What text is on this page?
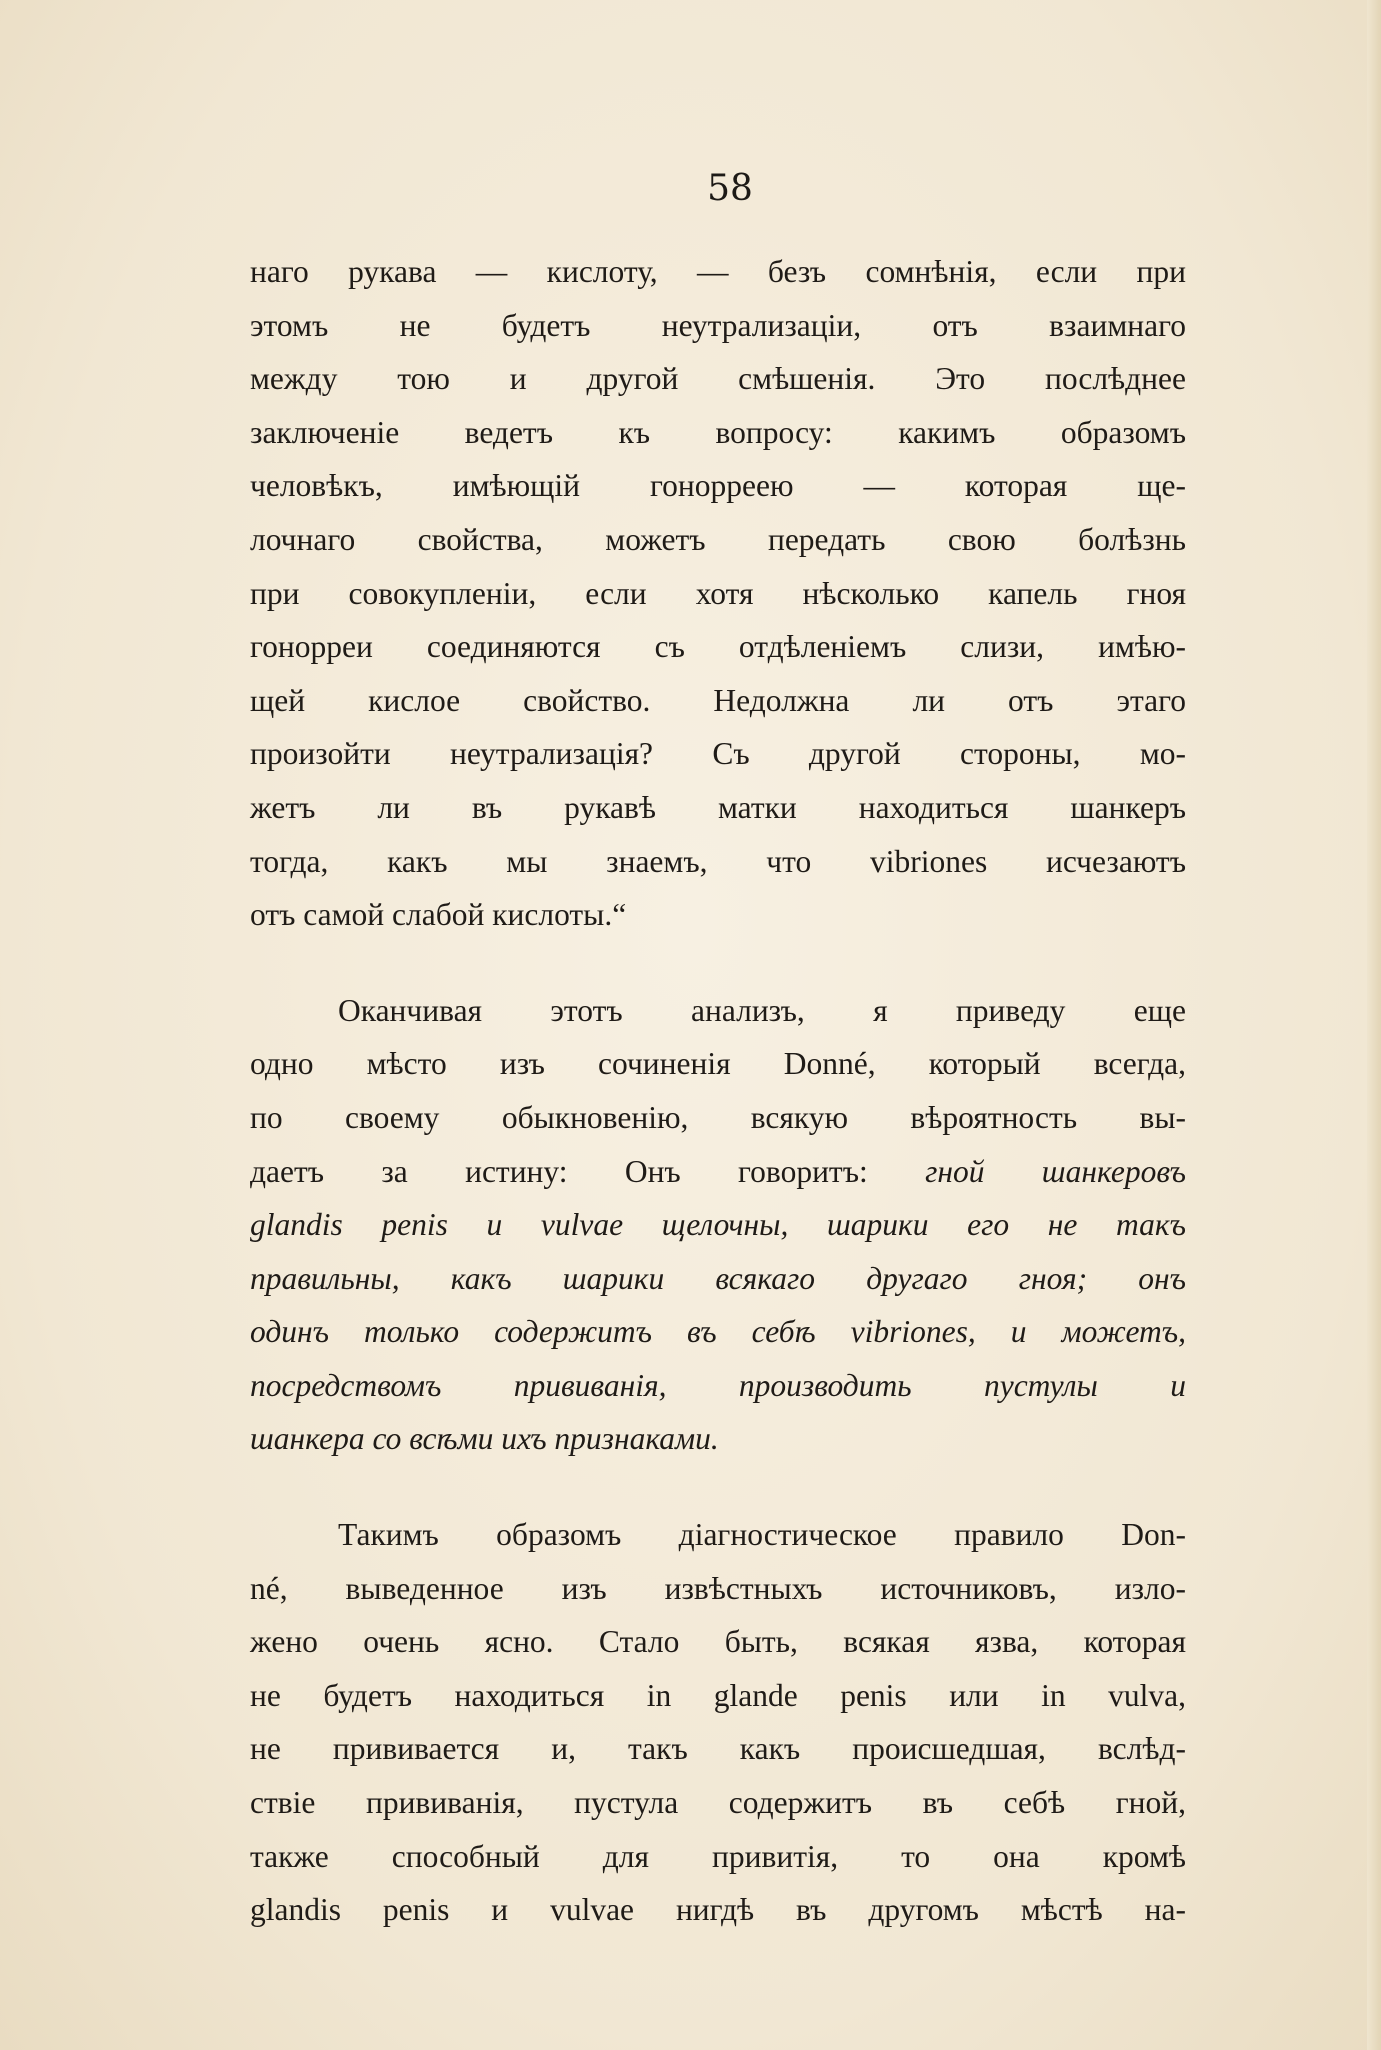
58
наго рукава — кислоту, — безъ сомнѣнія, если при
этомъ не будетъ неутрализаціи, отъ взаимнаго
между тою и другой смѣшенія. Это послѣднее
заключеніе ведетъ къ вопросу: какимъ образомъ
человѣкъ, имѣющій гонорреею — которая ще-
лочнаго свойства, можетъ передать свою болѣзнь
при совокупленіи, если хотя нѣсколько капель гноя
гонорреи соединяются съ отдѣленіемъ слизи, имѣю-
щей кислое свойство. Недолжна ли отъ этаго
произойти неутрализація? Съ другой стороны, мо-
жетъ ли въ рукавѣ матки находиться шанкеръ
тогда, какъ мы знаемъ, что vibriones исчезаютъ
отъ самой слабой кислоты.“
Оканчивая этотъ анализъ, я приведу еще
одно мѣсто изъ сочиненія Donné, который всегда,
по своему обыкновенію, всякую вѣроятность вы-
даетъ за истину: Онъ говоритъ: гной шанкеровъ
glandis penis и vulvae щелочны, шарики его не такъ
правильны, какъ шарики всякаго другаго гноя; онъ
одинъ только содержитъ въ себѣ vibriones, и можетъ,
посредствомъ прививанія, производить пустулы и
шанкера со всѣми ихъ признаками.
Такимъ образомъ діагностическое правило Don-
né, выведенное изъ извѣстныхъ источниковъ, изло-
жено очень ясно. Стало быть, всякая язва, которая
не будетъ находиться in glande penis или in vulva,
не прививается и, такъ какъ происшедшая, вслѣд-
ствіе прививанія, пустула содержитъ въ себѣ гной,
также способный для привитія, то она кромѣ
glandis penis и vulvae нигдѣ въ другомъ мѣстѣ на-
